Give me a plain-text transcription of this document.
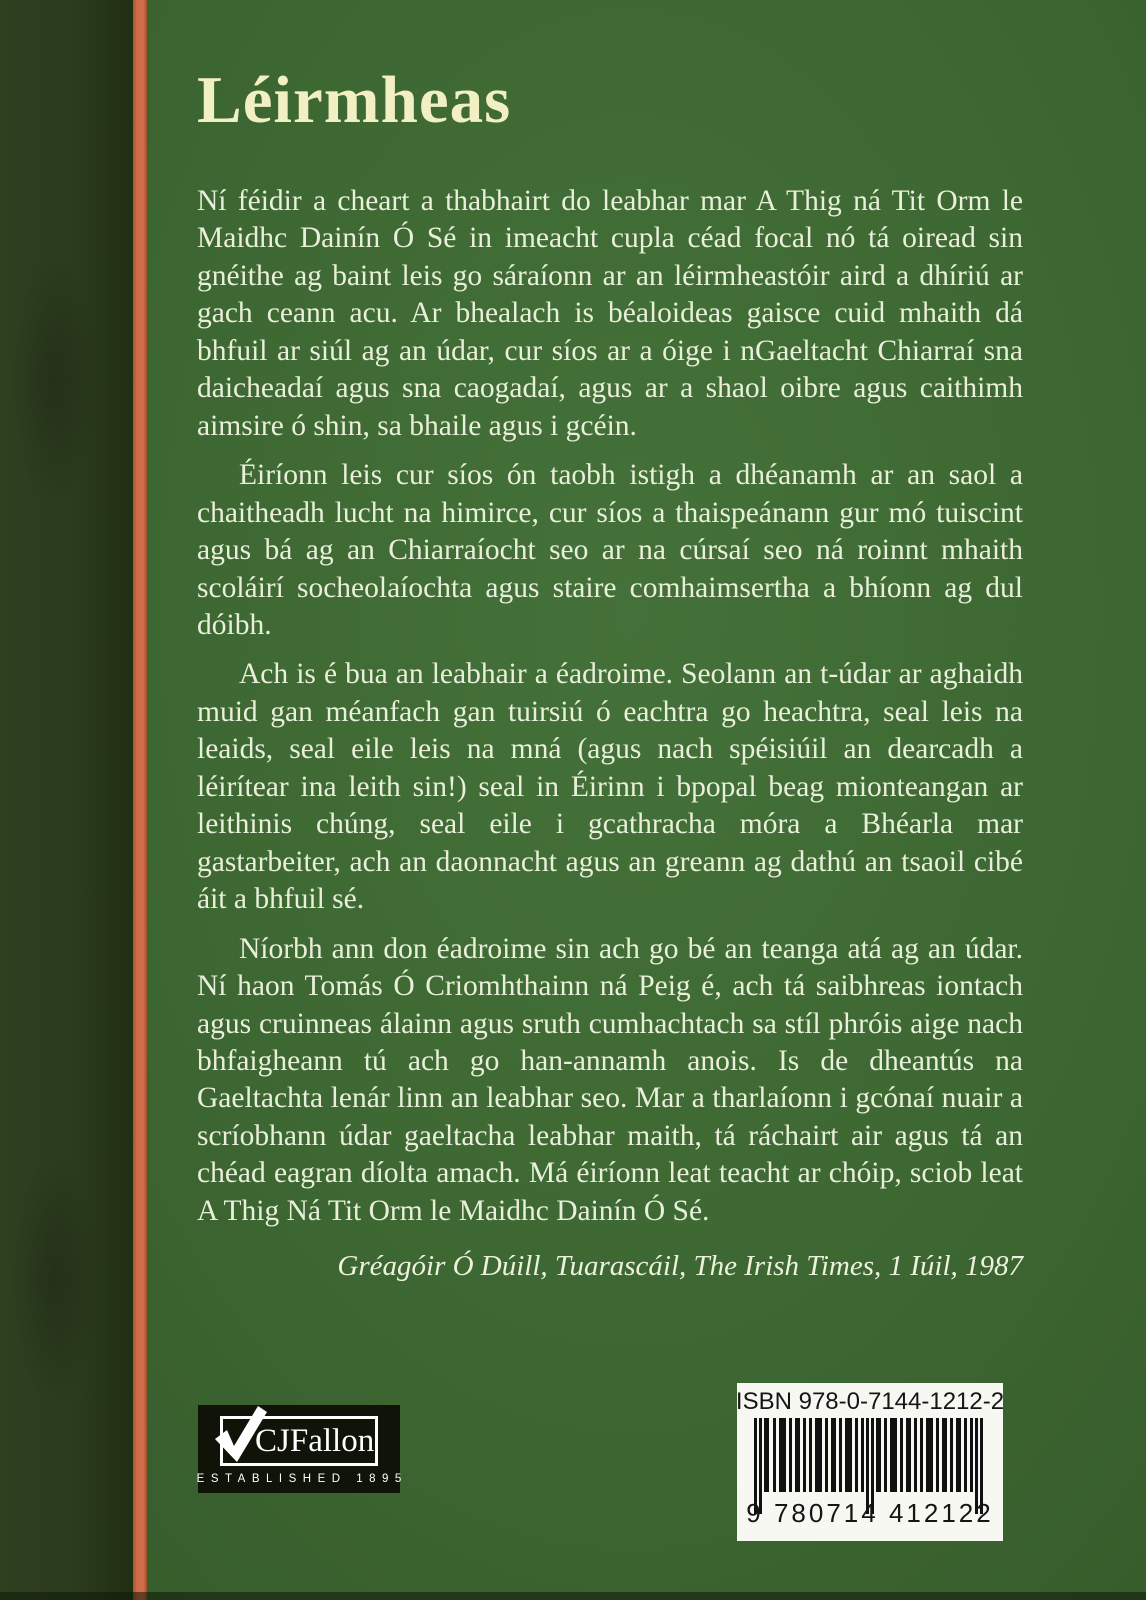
Léirmheas

Ní féidir a cheart a thabhairt do leabhar mar A Thig ná Tit Orm le Maidhc Dainín Ó Sé in imeacht cupla céad focal nó tá oiread sin gnéithe ag baint leis go sáraíonn ar an léirmheastóir aird a dhíriú ar gach ceann acu. Ar bhealach is béaloideas gaisce cuid mhaith dá bhfuil ar siúl ag an údar, cur síos ar a óige i nGaeltacht Chiarraí sna daicheadaí agus sna caogadaí, agus ar a shaol oibre agus caithimh aimsire ó shin, sa bhaile agus i gcéin.

Éiríonn leis cur síos ón taobh istigh a dhéanamh ar an saol a chaitheadh lucht na himirce, cur síos a thaispeánann gur mó tuiscint agus bá ag an Chiarraíocht seo ar na cúrsaí seo ná roinnt mhaith scoláirí socheolaíochta agus staire comhaimsertha a bhíonn ag dul dóibh.

Ach is é bua an leabhair a éadroime. Seolann an t-údar ar aghaidh muid gan méanfach gan tuirsiú ó eachtra go heachtra, seal leis na leaids, seal eile leis na mná (agus nach spéisiúil an dearcadh a léirítear ina leith sin!) seal in Éirinn i bpopal beag mionteangan ar leithinis chúng, seal eile i gcathracha móra a Bhéarla mar gastarbeiter, ach an daonnacht agus an greann ag dathú an tsaoil cibé áit a bhfuil sé.

Níorbh ann don éadroime sin ach go bé an teanga atá ag an údar. Ní haon Tomás Ó Criomhthainn ná Peig é, ach tá saibhreas iontach agus cruinneas álainn agus sruth cumhachtach sa stíl phróis aige nach bhfaigheann tú ach go han-annamh anois. Is de dheantús na Gaeltachta lenár linn an leabhar seo. Mar a tharlaíonn i gcónaí nuair a scríobhann údar gaeltacha leabhar maith, tá ráchairt air agus tá an chéad eagran díolta amach. Má éiríonn leat teacht ar chóip, sciob leat A Thig Ná Tit Orm le Maidhc Dainín Ó Sé.

Gréagóir Ó Dúill, Tuarascáil, The Irish Times, 1 Iúil, 1987
CJFallon
ESTABLISHED 1895
ISBN 978-0-7144-1212-2
9 780714 412122
